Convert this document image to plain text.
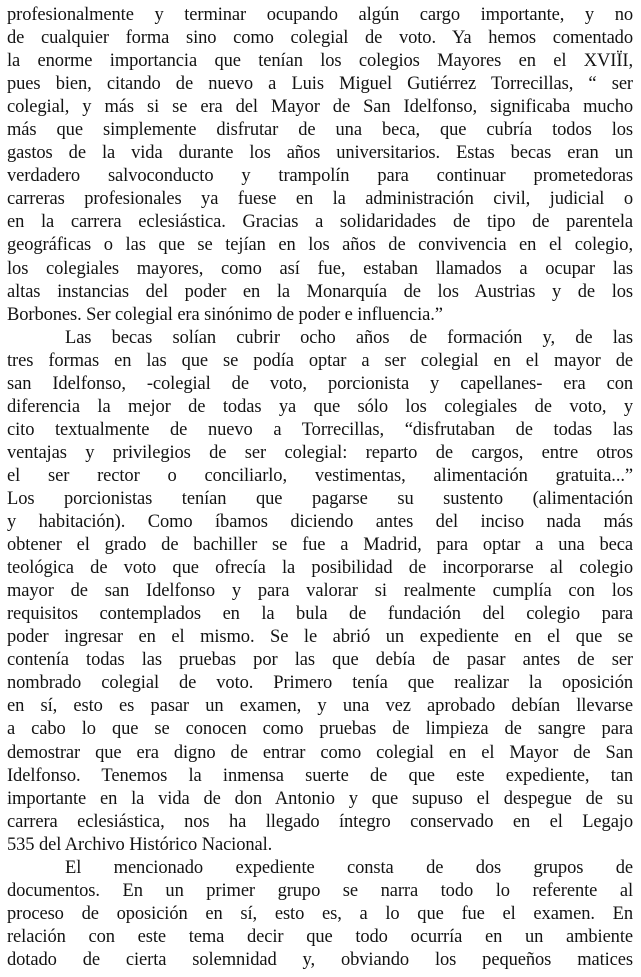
profesionalmente y terminar ocupando algún cargo importante, y no
de cualquier forma sino como colegial de voto. Ya hemos comentado
la enorme importancia que tenían los colegios Mayores en el XVIÏI,
pues bien, citando de nuevo a Luis Miguel Gutiérrez Torrecillas, “ ser
colegial, y más si se era del Mayor de San Idelfonso, significaba mucho
más que simplemente disfrutar de una beca, que cubría todos los
gastos de la vida durante los años universitarios. Estas becas eran un
verdadero salvoconducto y trampolín para continuar prometedoras
carreras profesionales ya fuese en la administración civil, judicial o
en la carrera eclesiástica. Gracias a solidaridades de tipo de parentela
geográficas o las que se tejían en los años de convivencia en el colegio,
los colegiales mayores, como así fue, estaban llamados a ocupar las
altas instancias del poder en la Monarquía de los Austrias y de los
Borbones. Ser colegial era sinónimo de poder e influencia.”
Las becas solían cubrir ocho años de formación y, de las
tres formas en las que se podía optar a ser colegial en el mayor de
san Idelfonso, -colegial de voto, porcionista y capellanes- era con
diferencia la mejor de todas ya que sólo los colegiales de voto, y
cito textualmente de nuevo a Torrecillas, “disfrutaban de todas las
ventajas y privilegios de ser colegial: reparto de cargos, entre otros
el ser rector o conciliarlo, vestimentas, alimentación gratuita...”
Los porcionistas tenían que pagarse su sustento (alimentación
y habitación). Como íbamos diciendo antes del inciso nada más
obtener el grado de bachiller se fue a Madrid, para optar a una beca
teológica de voto que ofrecía la posibilidad de incorporarse al colegio
mayor de san Idelfonso y para valorar si realmente cumplía con los
requisitos contemplados en la bula de fundación del colegio para
poder ingresar en el mismo. Se le abrió un expediente en el que se
contenía todas las pruebas por las que debía de pasar antes de ser
nombrado colegial de voto. Primero tenía que realizar la oposición
en sí, esto es pasar un examen, y una vez aprobado debían llevarse
a cabo lo que se conocen como pruebas de limpieza de sangre para
demostrar que era digno de entrar como colegial en el Mayor de San
Idelfonso. Tenemos la inmensa suerte de que este expediente, tan
importante en la vida de don Antonio y que supuso el despegue de su
carrera eclesiástica, nos ha llegado íntegro conservado en el Legajo
535 del Archivo Histórico Nacional.
El mencionado expediente consta de dos grupos de
documentos. En un primer grupo se narra todo lo referente al
proceso de oposición en sí, esto es, a lo que fue el examen. En
relación con este tema decir que todo ocurría en un ambiente
dotado de cierta solemnidad y, obviando los pequeños matices
